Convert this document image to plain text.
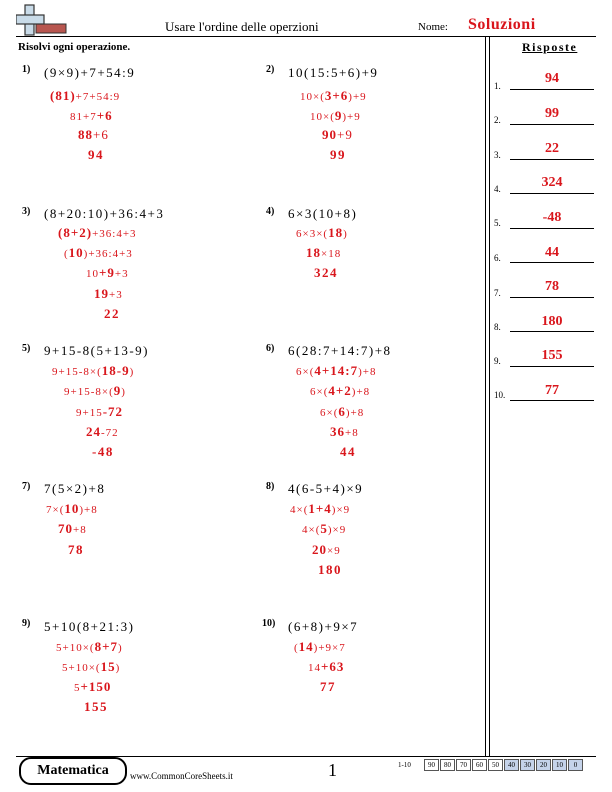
Usare l'ordine delle operzioni	Nome: Soluzioni
Risolvi ogni operazione.
1) (9×9)+7+54:9
(81)+7+54:9
81+7+6
88+6
94
2) 10(15:5+6)+9
10×(3+6)+9
10×(9)+9
90+9
99
3) (8+20:10)+36:4+3
(8+2)+36:4+3
(10)+36:4+3
10+9+3
19+3
22
4) 6×3(10+8)
6×3×(18)
18×18
324
5) 9+15-8(5+13-9)
9+15-8×(18-9)
9+15-8×(9)
9+15-72
24-72
-48
6) 6(28:7+14:7)+8
6×(4+14:7)+8
6×(4+2)+8
6×(6)+8
36+8
44
7) 7(5×2)+8
7×(10)+8
70+8
78
8) 4(6-5+4)×9
4×(1+4)×9
4×(5)×9
20×9
180
9) 5+10(8+21:3)
5+10×(8+7)
5+10×(15)
5+150
155
10) (6+8)+9×7
(14)+9×7
14+63
77
Risposte
1.	94
2.	99
3.	22
4.	324
5.	-48
6.	44
7.	78
8.	180
9.	155
10.	77
Matematica	www.CommonCoreSheets.it	1	1-10	90	80	70	60	50	40	30	20	10	0
